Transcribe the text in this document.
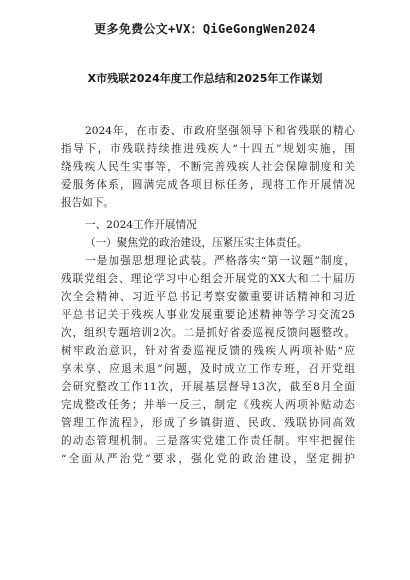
更多免费公文+VX：QiGeGongWen2024
X市残联2024年度工作总结和2025年工作谋划
2024年，在市委、市政府坚强领导下和省残联的精心
指导下，市残联持续推进残疾人“十四五”规划实施，围
绕残疾人民生实事等，不断完善残疾人社会保障制度和关
爱服务体系，圆满完成各项目标任务，现将工作开展情况
报告如下。
一、2024工作开展情况
（一）聚焦党的政治建设，压紧压实主体责任。
一是加强思想理论武装。严格落实“第一议题”制度，
残联党组会、理论学习中心组会开展党的XX大和二十届历
次全会精神、习近平总书记考察安徽重要讲话精神和习近
平总书记关于残疾人事业发展重要论述精神等学习交流25
次，组织专题培训2次。二是抓好省委巡视反馈问题整改。
树牢政治意识，针对省委巡视反馈的残疾人两项补贴“应
享未享、应退未退”问题，及时成立工作专班，召开党组
会研究整改工作11次，开展基层督导13次，截至8月全面
完成整改任务；并举一反三，制定《残疾人两项补贴动态
管理工作流程》，形成了乡镇街道、民政、残联协同高效
的动态管理机制。三是落实党建工作责任制。牢牢把握住
“全面从严治党”要求，强化党的政治建设，坚定拥护
